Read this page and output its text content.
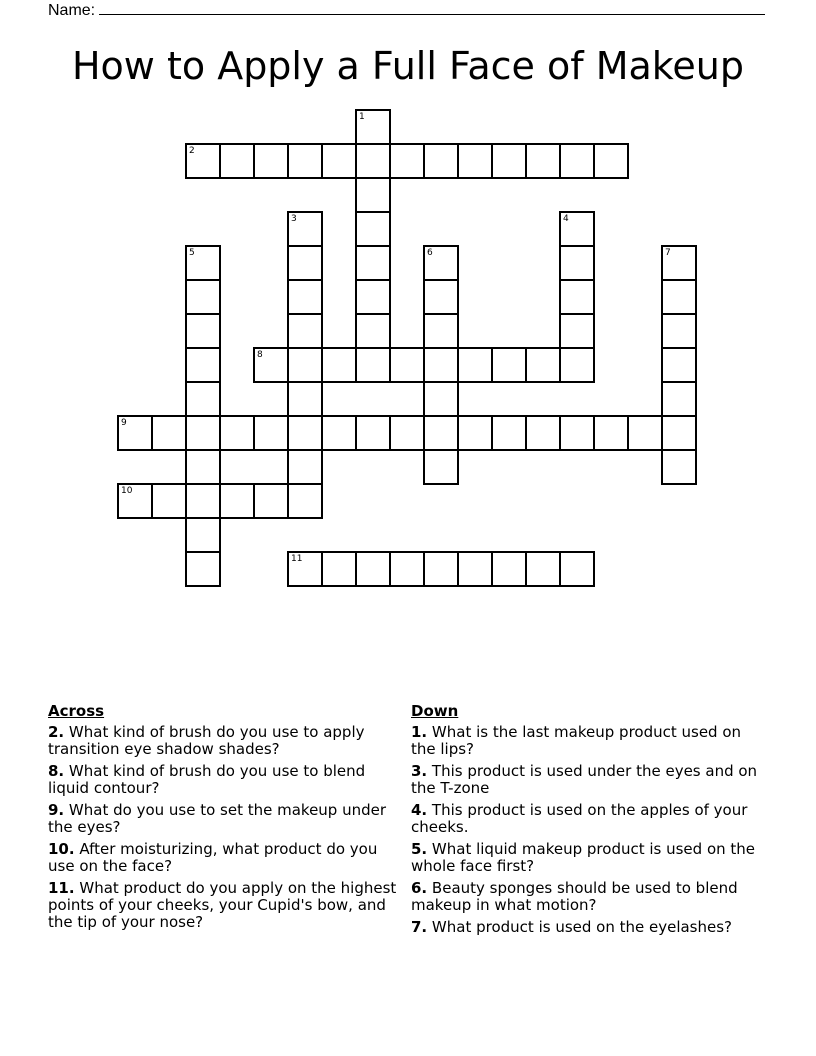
Name:
How to Apply a Full Face of Makeup
1
2
3	4
5	6	7
8
9
10
11
Across
2. What kind of brush do you use to apply transition eye shadow shades?
8. What kind of brush do you use to blend liquid contour?
9. What do you use to set the makeup under the eyes?
10. After moisturizing, what product do you use on the face?
11. What product do you apply on the highest points of your cheeks, your Cupid's bow, and the tip of your nose?
Down
1. What is the last makeup product used on the lips?
3. This product is used under the eyes and on the T-zone
4. This product is used on the apples of your cheeks.
5. What liquid makeup product is used on the whole face first?
6. Beauty sponges should be used to blend makeup in what motion?
7. What product is used on the eyelashes?
